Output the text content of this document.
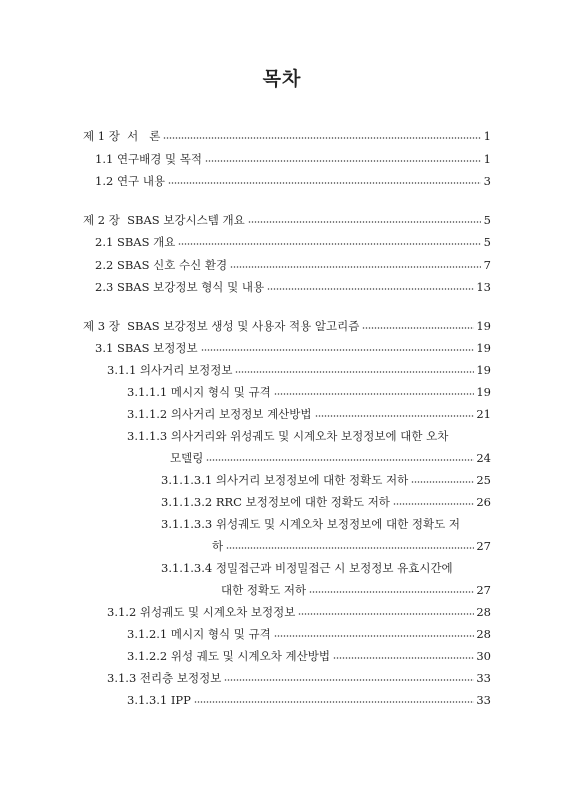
목차
제 1 장  서   론	1
1.1 연구배경 및 목적	1
1.2 연구 내용	3
제 2 장  SBAS 보강시스템 개요	5
2.1 SBAS 개요	5
2.2 SBAS 신호 수신 환경	7
2.3 SBAS 보강정보 형식 및 내용	13
제 3 장  SBAS 보강정보 생성 및 사용자 적용 알고리즘	19
3.1 SBAS 보정정보	19
3.1.1 의사거리 보정정보	19
3.1.1.1 메시지 형식 및 규격	19
3.1.1.2 의사거리 보정정보 계산방법	21
3.1.1.3 의사거리와 위성궤도 및 시계오차 보정정보에 대한 오차
모델링	24
3.1.1.3.1 의사거리 보정정보에 대한 정확도 저하	25
3.1.1.3.2 RRC 보정정보에 대한 정확도 저하	26
3.1.1.3.3 위성궤도 및 시계오차 보정정보에 대한 정확도 저
하	27
3.1.1.3.4 정밀접근과 비정밀접근 시 보정정보 유효시간에
대한 정확도 저하	27
3.1.2 위성궤도 및 시계오차 보정정보	28
3.1.2.1 메시지 형식 및 규격	28
3.1.2.2 위성 궤도 및 시계오차 계산방법	30
3.1.3 전리층 보정정보	33
3.1.3.1 IPP	33
